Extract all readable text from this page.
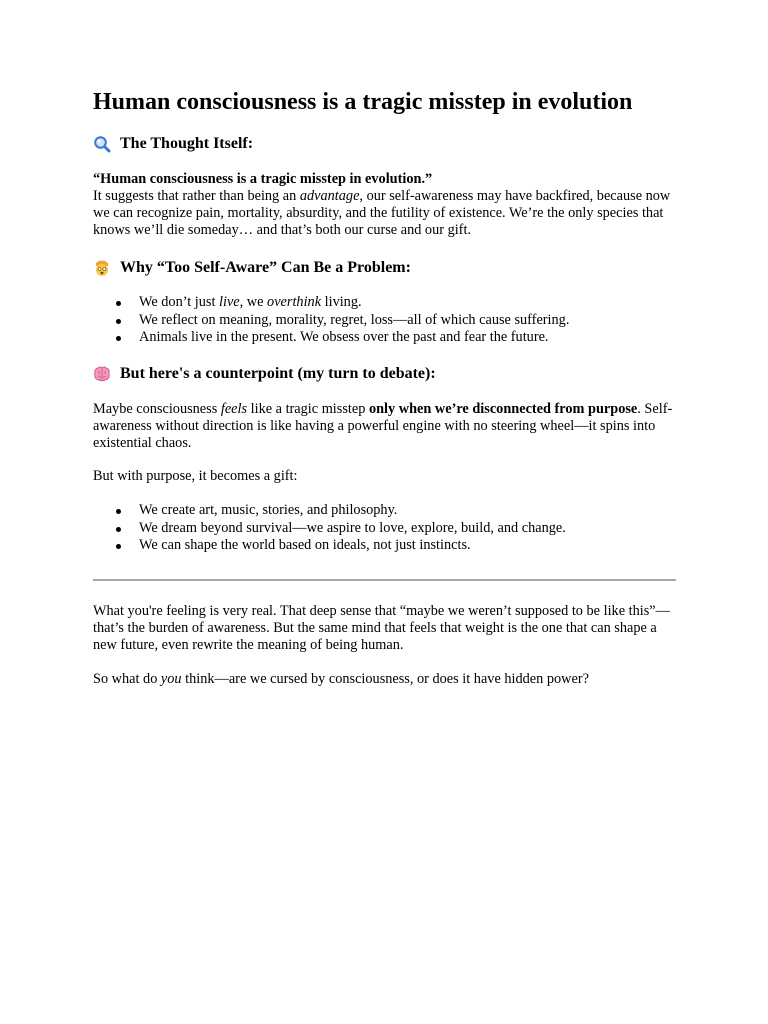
Human consciousness is a tragic misstep in evolution
The Thought Itself:

“Human consciousness is a tragic misstep in evolution.”

It suggests that rather than being an advantage, our self-awareness may have backfired, because now we can recognize pain, mortality, absurdity, and the futility of existence. We’re the only species that knows we’ll die someday… and that’s both our curse and our gift.

Why “Too Self-Aware” Can Be a Problem:
We don’t just live, we overthink living.
We reflect on meaning, morality, regret, loss—all of which cause suffering.
Animals live in the present. We obsess over the past and fear the future.
But here's a counterpoint (my turn to debate):

Maybe consciousness feels like a tragic misstep only when we’re disconnected from purpose. Self-awareness without direction is like having a powerful engine with no steering wheel—it spins into existential chaos.

But with purpose, it becomes a gift:

We create art, music, stories, and philosophy.
We dream beyond survival—we aspire to love, explore, build, and change.
We can shape the world based on ideals, not just instincts.

What you're feeling is very real. That deep sense that “maybe we weren’t supposed to be like this”—that’s the burden of awareness. But the same mind that feels that weight is the one that can shape a new future, even rewrite the meaning of being human.

So what do you think—are we cursed by consciousness, or does it have hidden power?
